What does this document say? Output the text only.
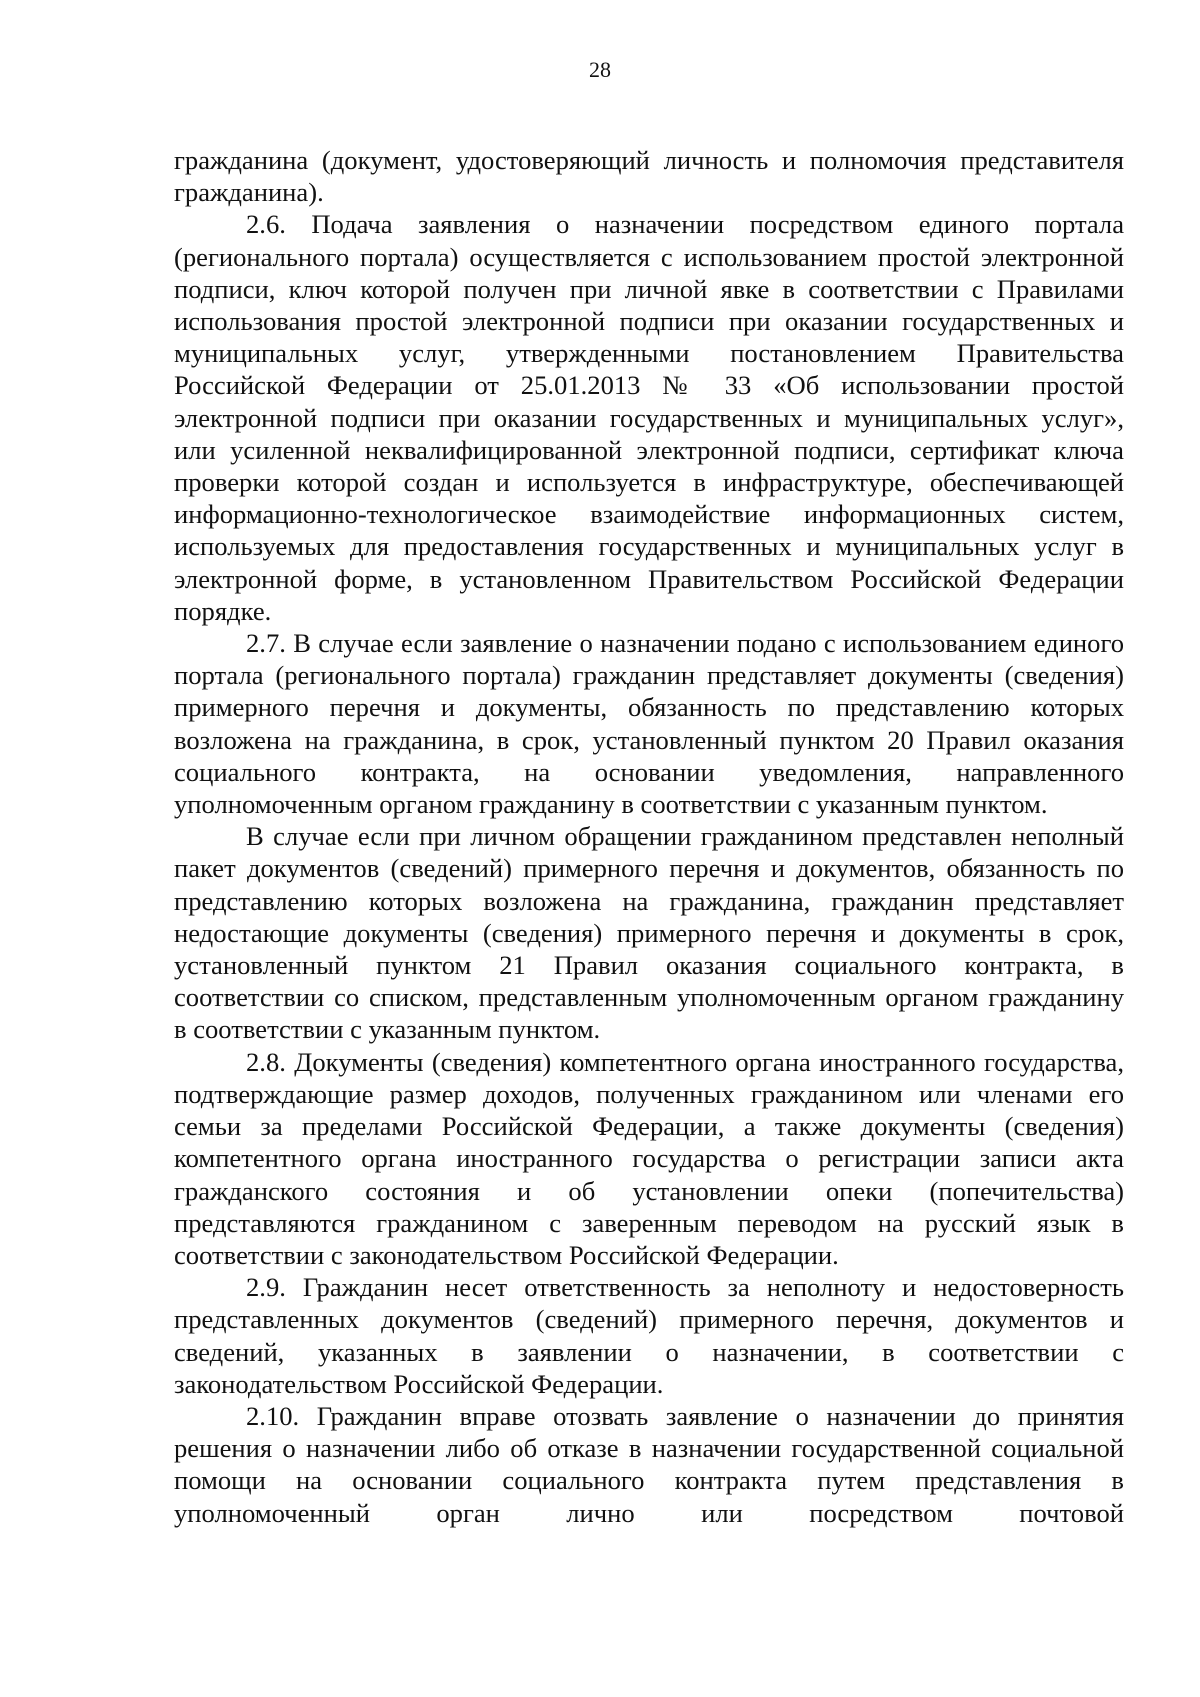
28

гражданина (документ, удостоверяющий личность и полномочия представителя гражданина).

2.6. Подача заявления о назначении посредством единого портала (регионального портала) осуществляется с использованием простой электронной подписи, ключ которой получен при личной явке в соответствии с Правилами использования простой электронной подписи при оказании государственных и муниципальных услуг, утвержденными постановлением Правительства Российской Федерации от 25.01.2013 № 33 «Об использовании простой электронной подписи при оказании государственных и муниципальных услуг», или усиленной неквалифицированной электронной подписи, сертификат ключа проверки которой создан и используется в инфраструктуре, обеспечивающей информационно-технологическое взаимодействие информационных систем, используемых для предоставления государственных и муниципальных услуг в электронной форме, в установленном Правительством Российской Федерации порядке.

2.7. В случае если заявление о назначении подано с использованием единого портала (регионального портала) гражданин представляет документы (сведения) примерного перечня и документы, обязанность по представлению которых возложена на гражданина, в срок, установленный пунктом 20 Правил оказания социального контракта, на основании уведомления, направленного уполномоченным органом гражданину в соответствии с указанным пунктом.

В случае если при личном обращении гражданином представлен неполный пакет документов (сведений) примерного перечня и документов, обязанность по представлению которых возложена на гражданина, гражданин представляет недостающие документы (сведения) примерного перечня и документы в срок, установленный пунктом 21 Правил оказания социального контракта, в соответствии со списком, представленным уполномоченным органом гражданину в соответствии с указанным пунктом.

2.8. Документы (сведения) компетентного органа иностранного государства, подтверждающие размер доходов, полученных гражданином или членами его семьи за пределами Российской Федерации, а также документы (сведения) компетентного органа иностранного государства о регистрации записи акта гражданского состояния и об установлении опеки (попечительства) представляются гражданином с заверенным переводом на русский язык в соответствии с законодательством Российской Федерации.

2.9. Гражданин несет ответственность за неполноту и недостоверность представленных документов (сведений) примерного перечня, документов и сведений, указанных в заявлении о назначении, в соответствии с законодательством Российской Федерации.

2.10. Гражданин вправе отозвать заявление о назначении до принятия решения о назначении либо об отказе в назначении государственной социальной помощи на основании социального контракта путем представления в уполномоченный орган лично или посредством почтовой
